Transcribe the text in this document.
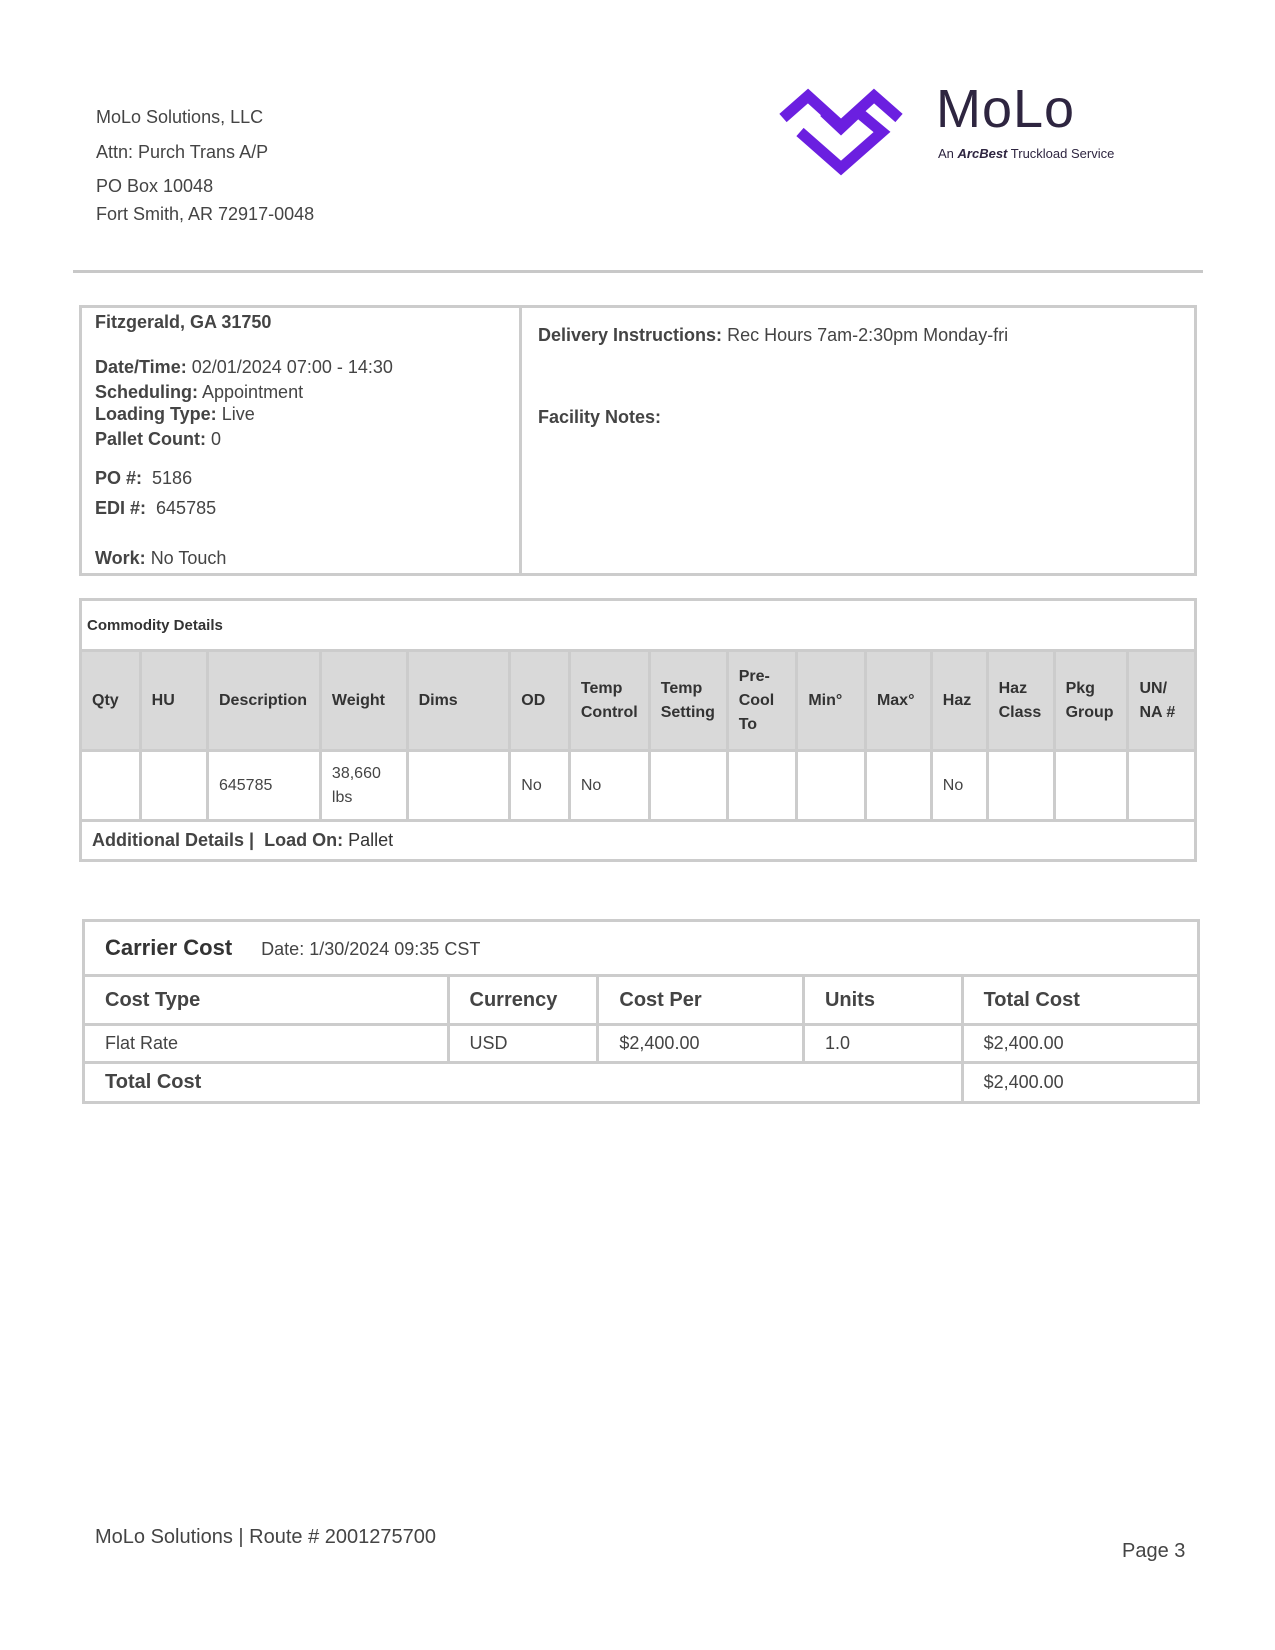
MoLo Solutions, LLC
Attn: Purch Trans A/P
PO Box 10048
Fort Smith, AR 72917-0048
MoLo
An ArcBest Truckload Service
Fitzgerald, GA 31750
Date/Time: 02/01/2024 07:00 - 14:30
Scheduling: Appointment
Loading Type: Live
Pallet Count: 0
PO #: 5186
EDI #: 645785
Work: No Touch
Delivery Instructions: Rec Hours 7am-2:30pm Monday-fri
Facility Notes:
Commodity Details														
Qty	HU	Description	Weight	Dims	OD	Temp Control	Temp Setting	Pre-Cool To	Min°	Max°	Haz	Haz Class	Pkg Group	UN/ NA #
		645785	38,660 lbs		No	No					No			
Additional Details | Load On: Pallet														
Carrier Cost Date: 1/30/2024 09:35 CST				
Cost Type	Currency	Cost Per	Units	Total Cost
Flat Rate	USD	$2,400.00	1.0	$2,400.00
Total Cost				$2,400.00
MoLo Solutions | Route # 2001275700
Page 3
